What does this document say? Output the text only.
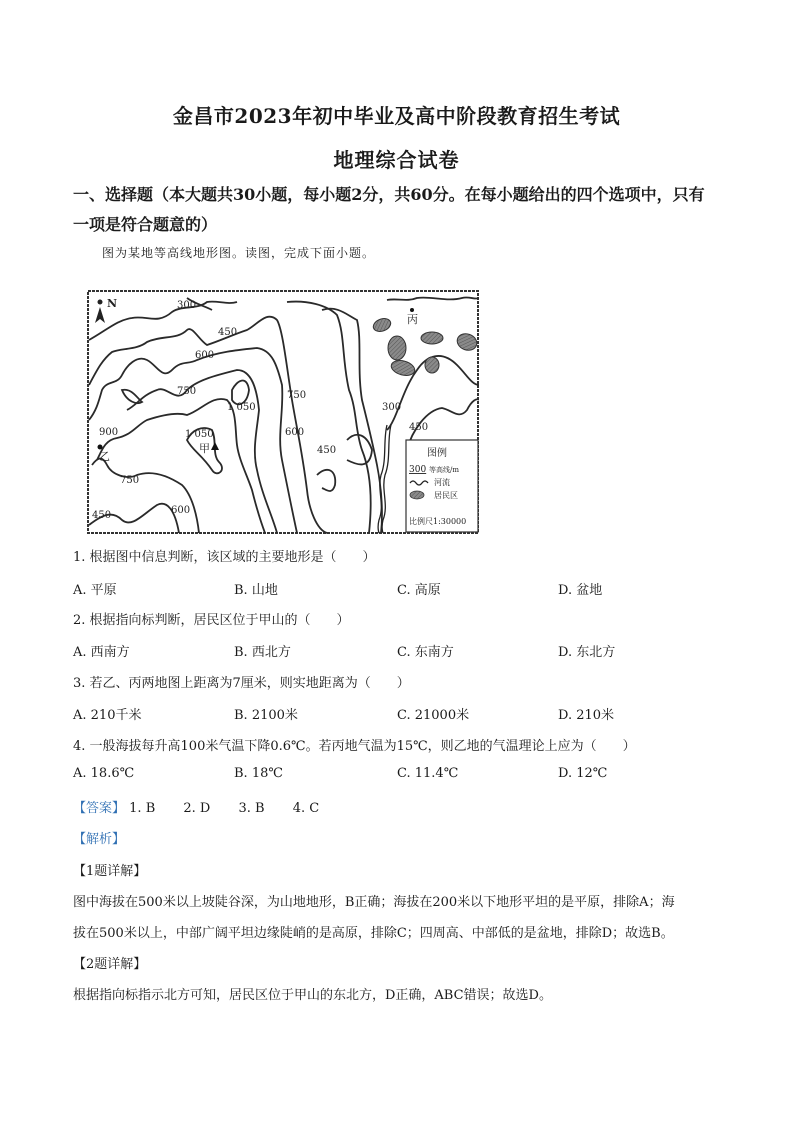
金昌市2023年初中毕业及高中阶段教育招生考试
地理综合试卷
一、选择题（本大题共30小题，每小题2分，共60分。在每小题给出的四个选项中，只有
一项是符合题意的）
图为某地等高线地形图。读图，完成下面小题。
N	300
450
600
750
1 050
1 050
900
750
450	600
750
600
450
300
450
甲
乙
丙
图例
300 等高线/m
河流
居民区
比例尺1:30000
1. 根据图中信息判断，该区域的主要地形是（　　）
A. 平原	B. 山地	C. 高原	D. 盆地
2. 根据指向标判断，居民区位于甲山的（　　）
A. 西南方	B. 西北方	C. 东南方	D. 东北方
3. 若乙、丙两地图上距离为7厘米，则实地距离为（　　）
A. 210千米	B. 2100米	C. 21000米	D. 210米
4. 一般海拔每升高100米气温下降0.6℃。若丙地气温为15℃，则乙地的气温理论上应为（　　）
A. 18.6℃	B. 18℃	C. 11.4℃	D. 12℃
【答案】 1. B 2. D 3. B 4. C
【解析】
【1题详解】
图中海拔在500米以上坡陡谷深，为山地地形，B正确；海拔在200米以下地形平坦的是平原，排除A；海
拔在500米以上，中部广阔平坦边缘陡峭的是高原，排除C；四周高、中部低的是盆地，排除D；故选B。
【2题详解】
根据指向标指示北方可知，居民区位于甲山的东北方，D正确，ABC错误；故选D。
